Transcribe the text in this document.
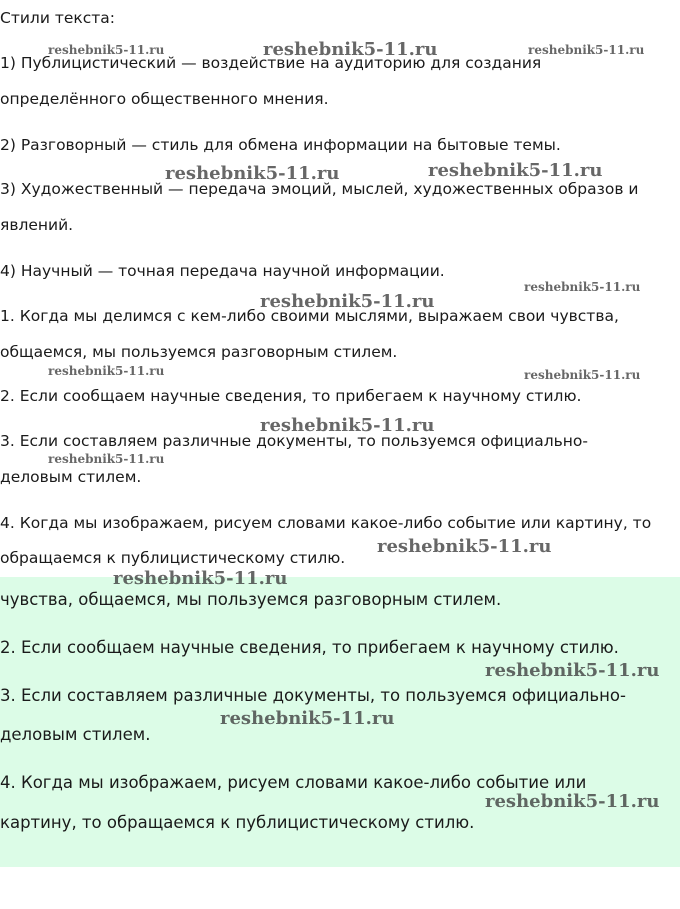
Стили текста:
1) Публицистический — воздействие на аудиторию для создания
определённого общественного мнения.
2) Разговорный — стиль для обмена информации на бытовые темы.
3) Художественный — передача эмоций, мыслей, художественных образов и
явлений.
4) Научный — точная передача научной информации.
1. Когда мы делимся с кем-либо своими мыслями, выражаем свои чувства,
общаемся, мы пользуемся разговорным стилем.
2. Если сообщаем научные сведения, то прибегаем к научному стилю.
3. Если составляем различные документы, то пользуемся официально-
деловым стилем.
4. Когда мы изображаем, рисуем словами какое-либо событие или картину, то
обращаемся к публицистическому стилю.
чувства, общаемся, мы пользуемся разговорным стилем.
2. Если сообщаем научные сведения, то прибегаем к научному стилю.
3. Если составляем различные документы, то пользуемся официально-
деловым стилем.
4. Когда мы изображаем, рисуем словами какое-либо событие или
картину, то обращаемся к публицистическому стилю.
reshebnik5-11.ru	reshebnik5-11.ru	reshebnik5-11.ru
reshebnik5-11.ru	reshebnik5-11.ru
reshebnik5-11.ru
reshebnik5-11.ru
reshebnik5-11.ru	reshebnik5-11.ru
reshebnik5-11.ru
reshebnik5-11.ru
reshebnik5-11.ru
reshebnik5-11.ru
reshebnik5-11.ru
reshebnik5-11.ru
reshebnik5-11.ru
